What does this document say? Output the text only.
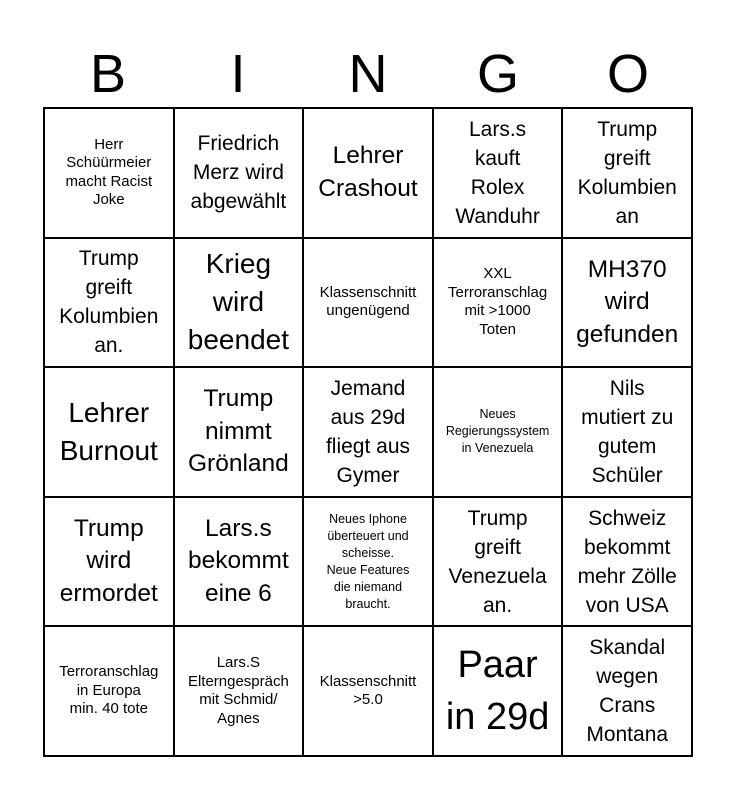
B	I	N	G	O
Herr
Schüürmeier
macht Racist
Joke
Friedrich
Merz wird
abgewählt
Lehrer
Crashout
Lars.s
kauft
Rolex
Wanduhr
Trump
greift
Kolumbien
an
Trump
greift
Kolumbien
an.
Krieg
wird
beendet
Klassenschnitt
ungenügend
XXL
Terroranschlag
mit >1000
Toten
MH370
wird
gefunden
Lehrer
Burnout
Trump
nimmt
Grönland
Jemand
aus 29d
fliegt aus
Gymer
Neues
Regierungssystem
in Venezuela
Nils
mutiert zu
gutem
Schüler
Trump
wird
ermordet
Lars.s
bekommt
eine 6
Neues Iphone
überteuert und
scheisse.
Neue Features
die niemand
braucht.
Trump
greift
Venezuela
an.
Schweiz
bekommt
mehr Zölle
von USA
Terroranschlag
in Europa
min. 40 tote
Lars.S
Elterngespräch
mit Schmid/
Agnes
Klassenschnitt
>5.0
Paar
in 29d
Skandal
wegen
Crans
Montana
